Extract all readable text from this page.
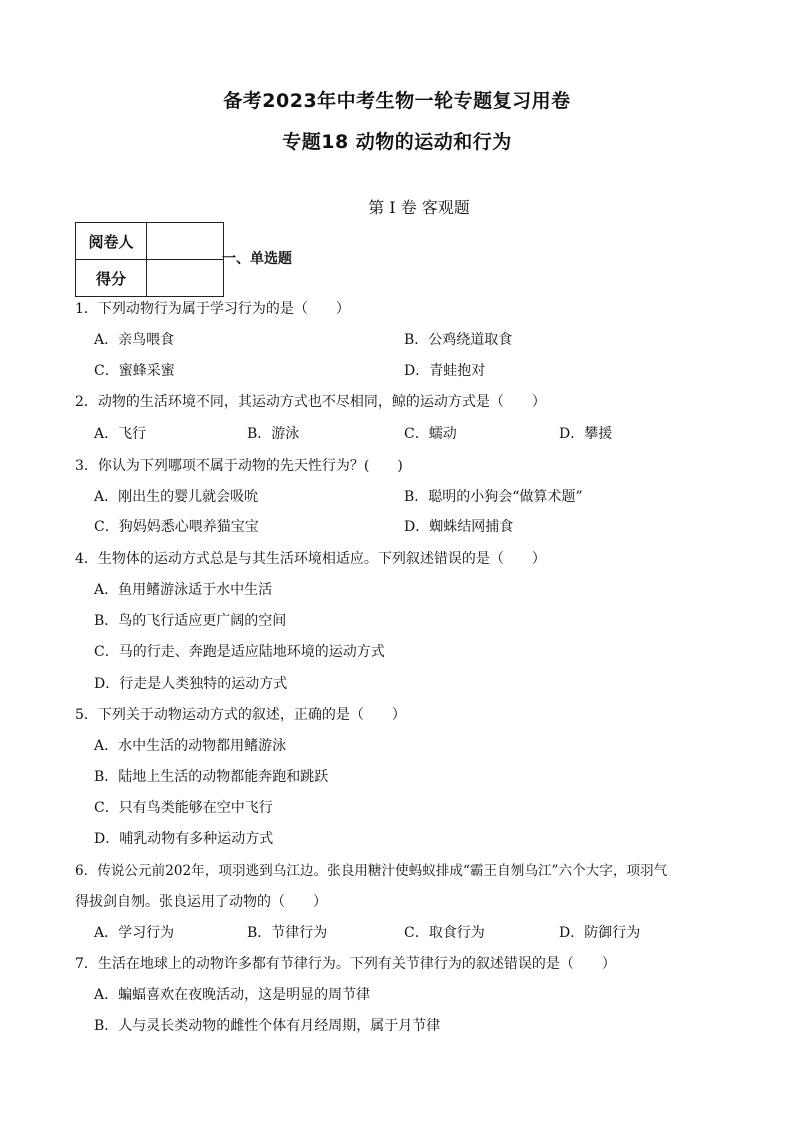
备考2023年中考生物一轮专题复习用卷
专题18 动物的运动和行为
第 I 卷 客观题
阅卷人	
得分	
一、单选题
1．下列动物行为属于学习行为的是（　　）
A．亲鸟喂食	B．公鸡绕道取食
C．蜜蜂采蜜	D．青蛙抱对
2．动物的生活环境不同，其运动方式也不尽相同，鲸的运动方式是（　　）
A．飞行	B．游泳	C．蠕动	D．攀援
3．你认为下列哪项不属于动物的先天性行为？(　　)
A．刚出生的婴儿就会吸吮	B．聪明的小狗会“做算术题”
C．狗妈妈悉心喂养猫宝宝	D．蜘蛛结网捕食
4．生物体的运动方式总是与其生活环境相适应。下列叙述错误的是（　　）
A．鱼用鳍游泳适于水中生活
B．鸟的飞行适应更广阔的空间
C．马的行走、奔跑是适应陆地环境的运动方式
D．行走是人类独特的运动方式
5．下列关于动物运动方式的叙述，正确的是（　　）
A．水中生活的动物都用鳍游泳
B．陆地上生活的动物都能奔跑和跳跃
C．只有鸟类能够在空中飞行
D．哺乳动物有多种运动方式
6．传说公元前202年，项羽逃到乌江边。张良用糖汁使蚂蚁排成“霸王自刎乌江”六个大字，项羽气
得拔剑自刎。张良运用了动物的（　　）
A．学习行为	B．节律行为	C．取食行为	D．防御行为
7．生活在地球上的动物许多都有节律行为。下列有关节律行为的叙述错误的是（　　）
A．蝙蝠喜欢在夜晚活动，这是明显的周节律
B．人与灵长类动物的雌性个体有月经周期，属于月节律
